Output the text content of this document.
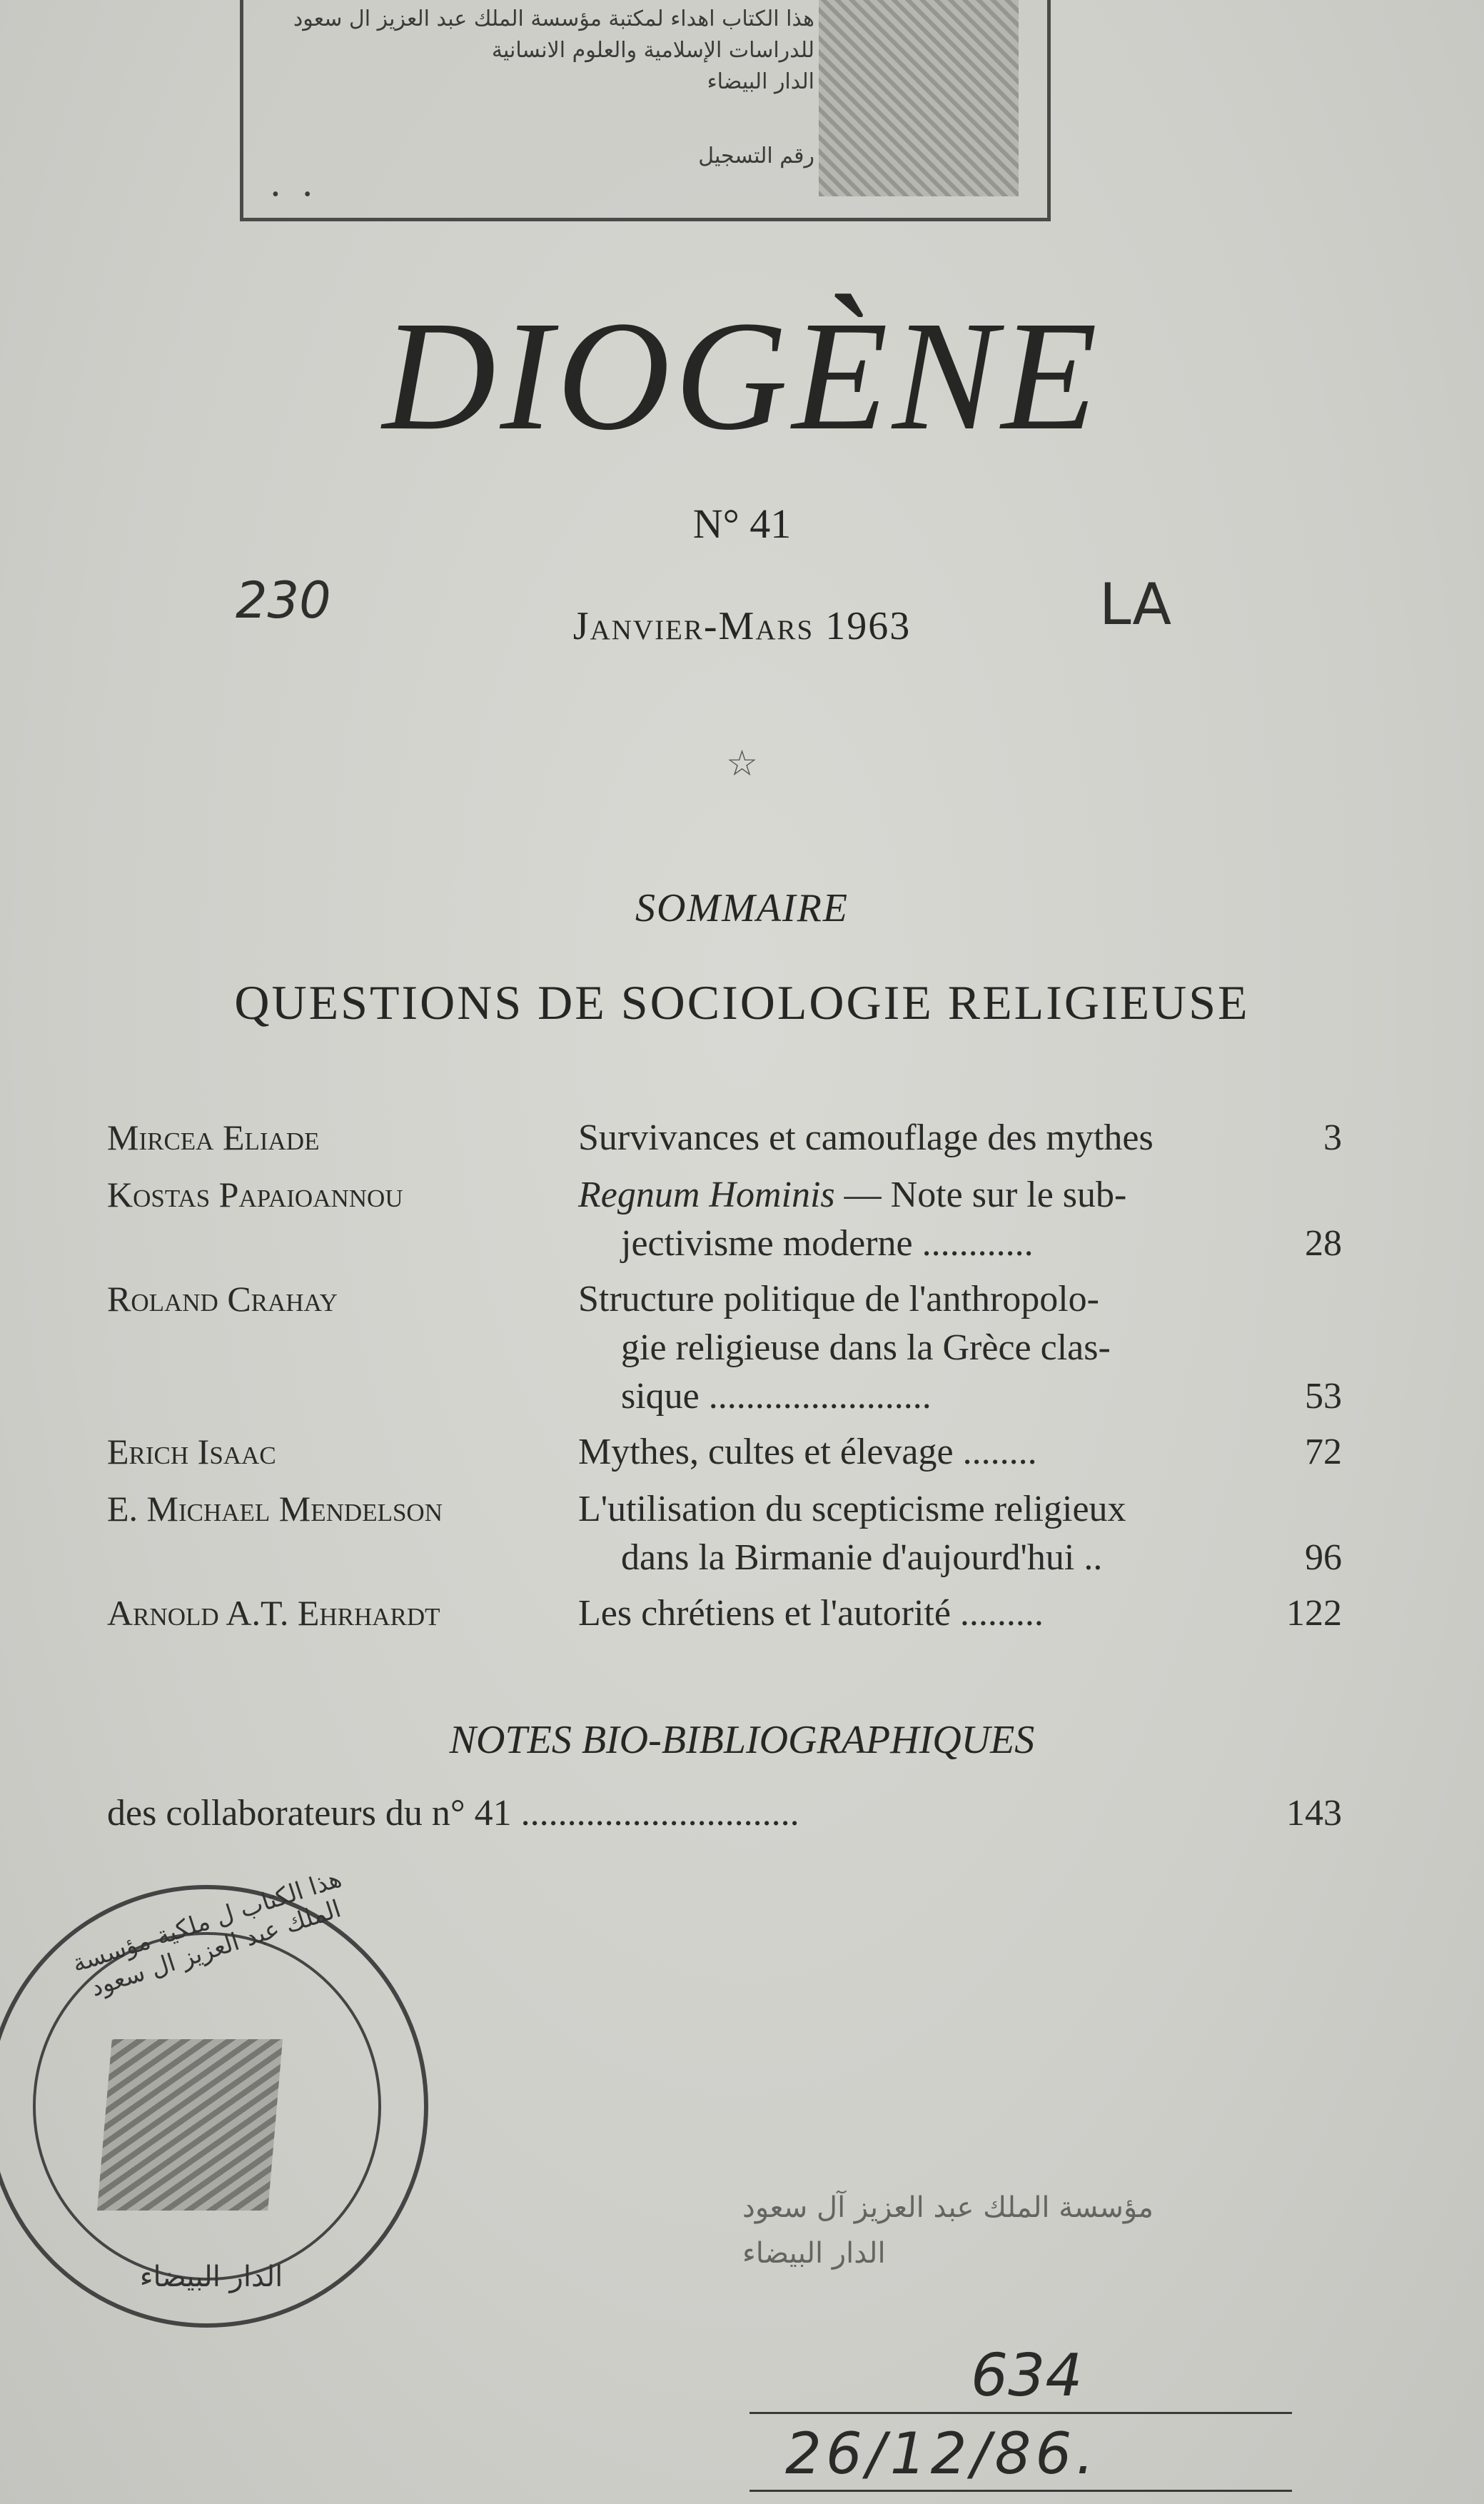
هذا الكتاب اهداء لمكتبة مؤسسة الملك عبد العزيز ال سعود
للدراسات الإسلامية والعلوم الانسانية
الدار البيضاء
رقم التسجيل
• •
DIOGÈNE
N° 41
230	Janvier-Mars 1963	LA
☆
SOMMAIRE
QUESTIONS DE SOCIOLOGIE RELIGIEUSE
Mircea Eliade	Survivances et camouflage des mythes	3
Kostas Papaioannou	Regnum Hominis — Note sur le sub-
jectivisme moderne ............	28
Roland Crahay	Structure politique de l'anthropolo-
gie religieuse dans la Grèce clas-
sique ........................	53
Erich Isaac	Mythes, cultes et élevage ........	72
E. Michael Mendelson	L'utilisation du scepticisme religieux
dans la Birmanie d'aujourd'hui ..	96
Arnold A.T. Ehrhardt	Les chrétiens et l'autorité .........	122
NOTES BIO-BIBLIOGRAPHIQUES
des collaborateurs du n° 41 ..............................	143
هذا الكتاب ل ملكية مؤسسة الملك عبد العزيز ال سعود
الدار البيضاء
مؤسسة الملك عبد العزيز آل سعود
الدار البيضاء
634
26/12/86.
